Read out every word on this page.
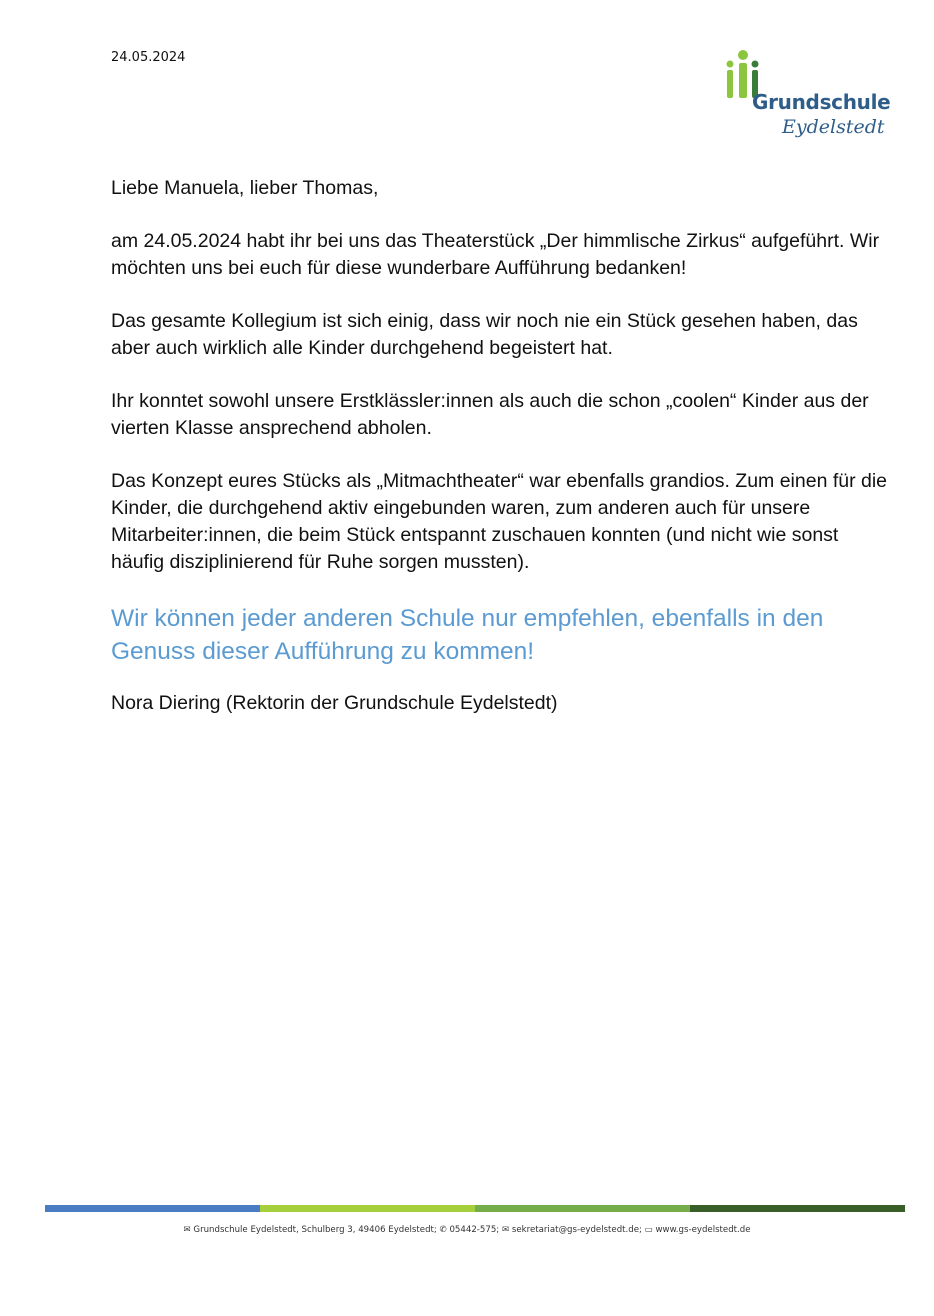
24.05.2024
Grundschule
Eydelstedt

Liebe Manuela, lieber Thomas,

am 24.05.2024 habt ihr bei uns das Theaterstück „Der himmlische Zirkus“ aufgeführt. Wir möchten uns bei euch für diese wunderbare Aufführung bedanken!

Das gesamte Kollegium ist sich einig, dass wir noch nie ein Stück gesehen haben, das aber auch wirklich alle Kinder durchgehend begeistert hat.

Ihr konntet sowohl unsere Erstklässler:innen als auch die schon „coolen“ Kinder aus der vierten Klasse ansprechend abholen.

Das Konzept eures Stücks als „Mitmachtheater“ war ebenfalls grandios. Zum einen für die Kinder, die durchgehend aktiv eingebunden waren, zum anderen auch für unsere Mitarbeiter:innen, die beim Stück entspannt zuschauen konnten (und nicht wie sonst häufig disziplinierend für Ruhe sorgen mussten).

Wir können jeder anderen Schule nur empfehlen, ebenfalls in den Genuss dieser Aufführung zu kommen!

Nora Diering (Rektorin der Grundschule Eydelstedt)

✉ Grundschule Eydelstedt, Schulberg 3, 49406 Eydelstedt; ✆ 05442-575; ✉ sekretariat@gs-eydelstedt.de; ▭ www.gs-eydelstedt.de
